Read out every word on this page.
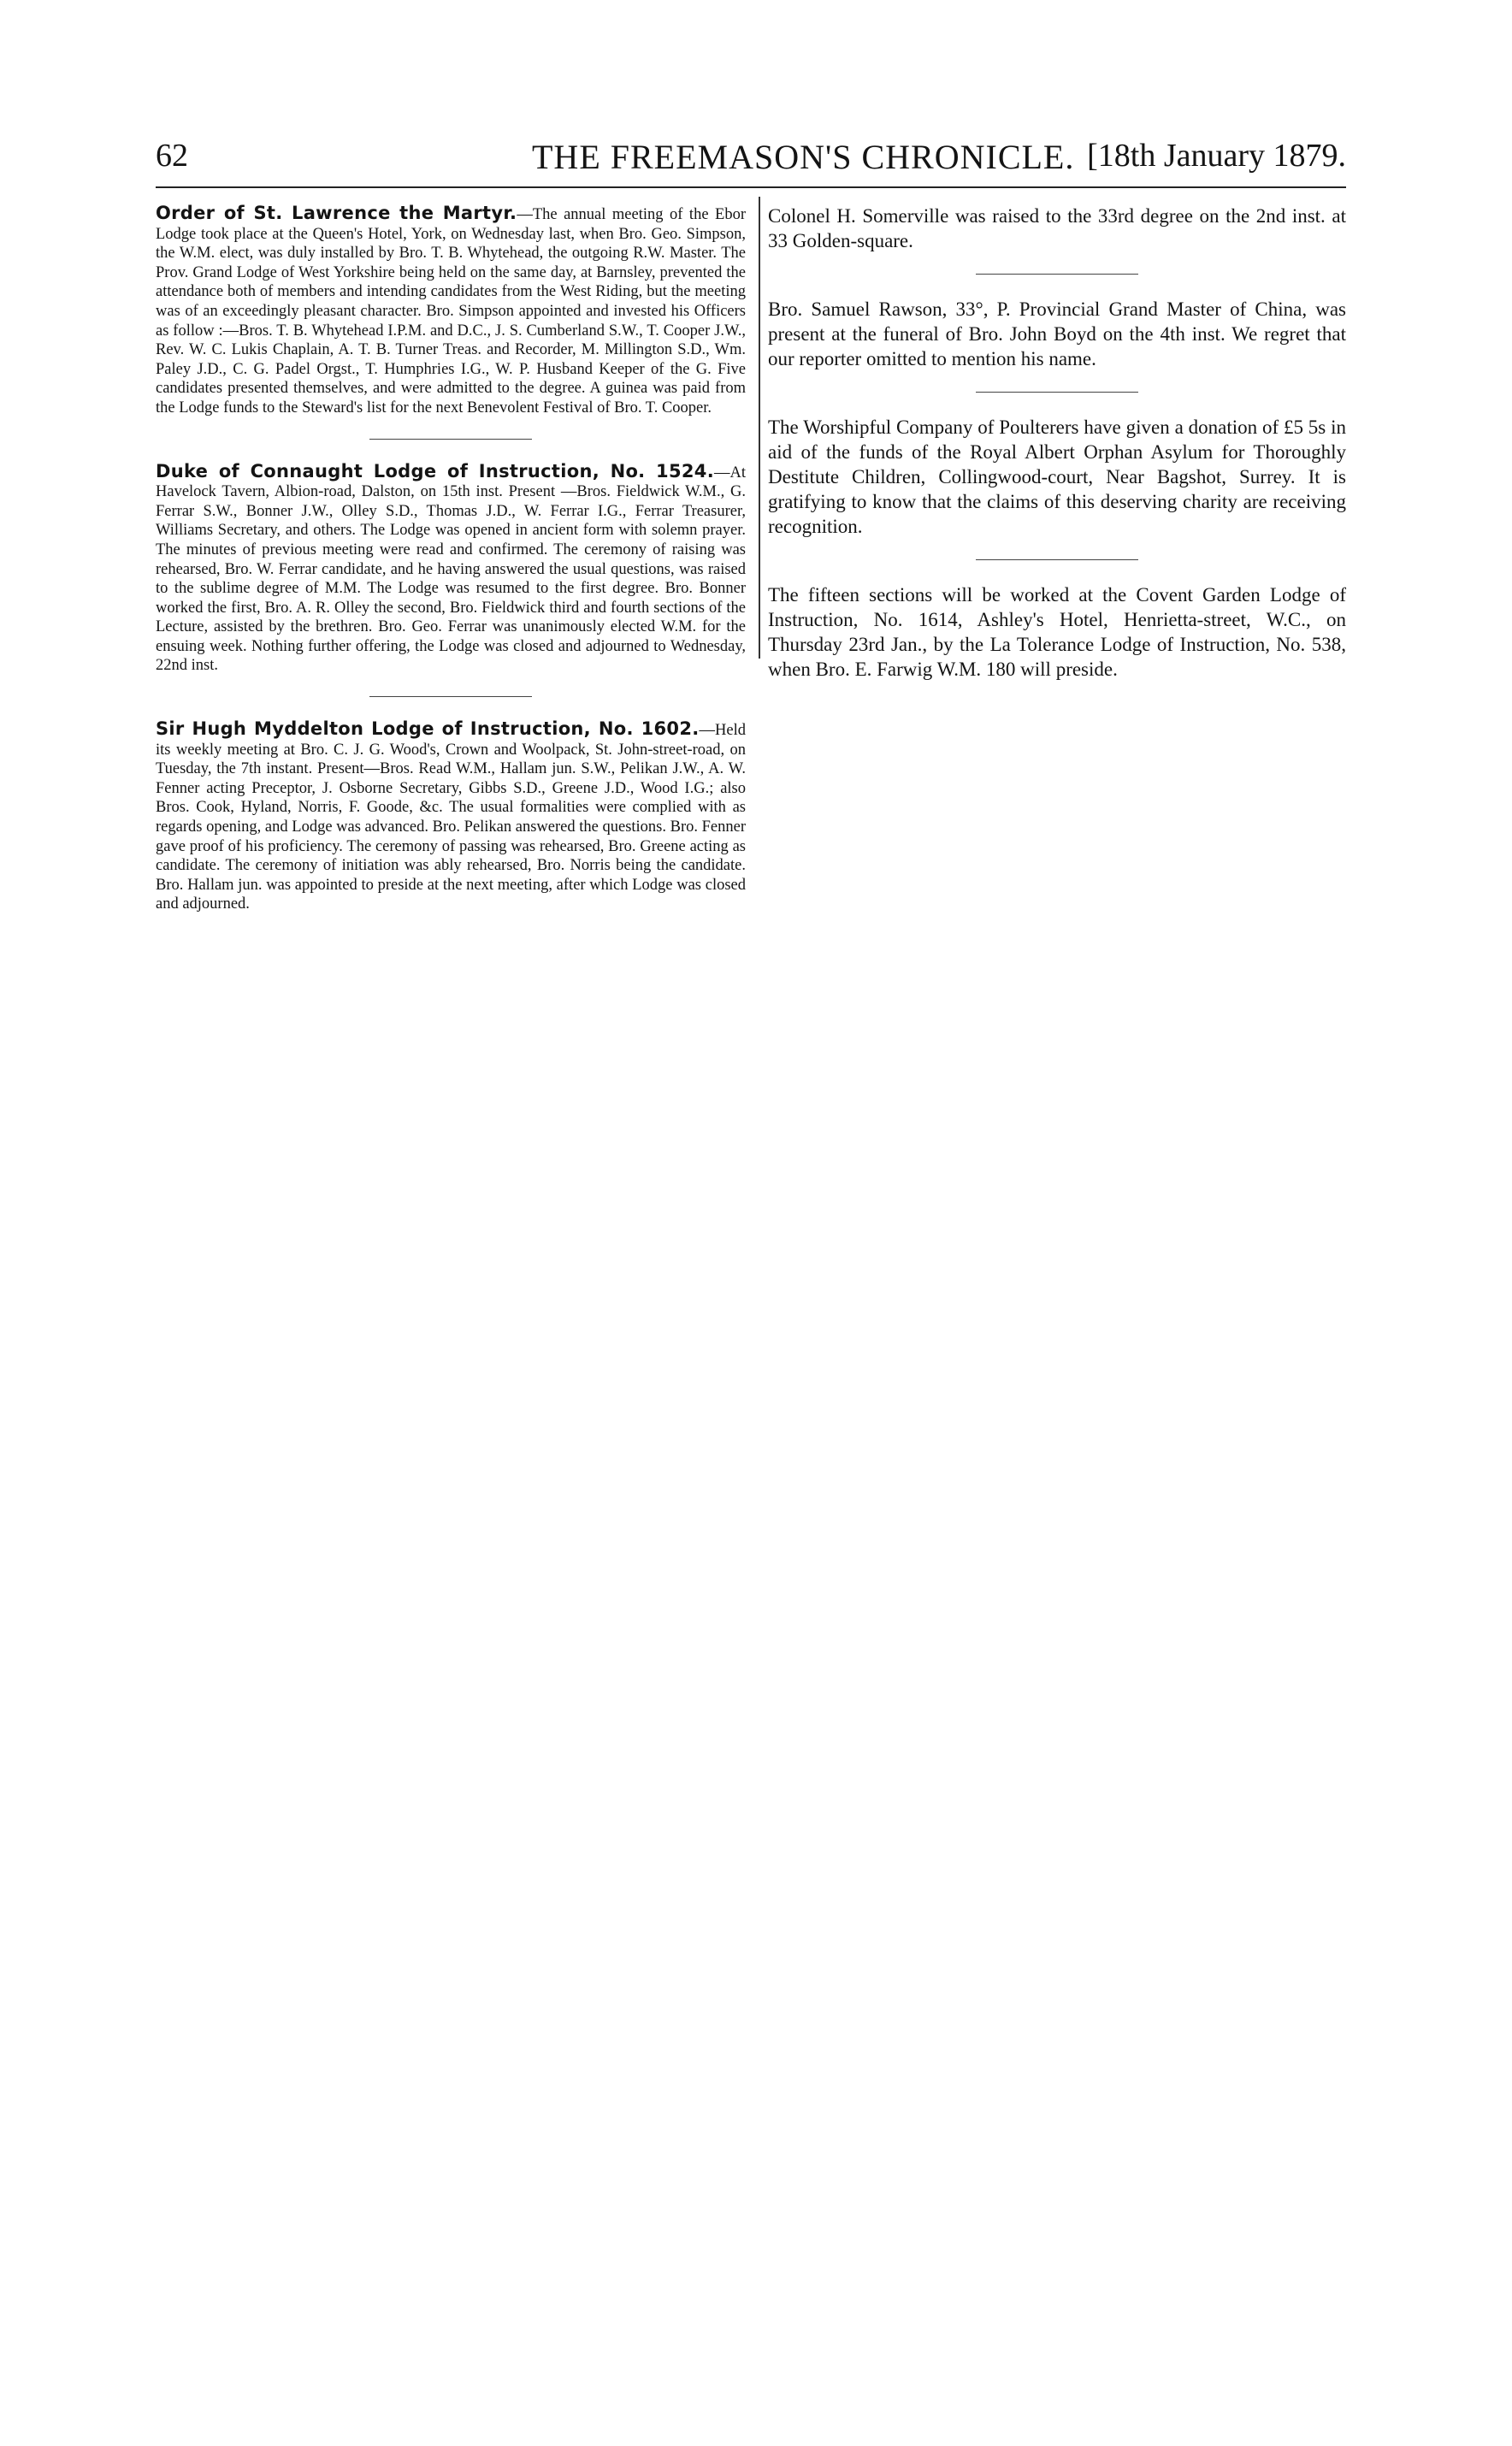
62	THE FREEMASON'S CHRONICLE. [18th January 1879.

Order of St. Lawrence the Martyr.—The annual meeting of the Ebor Lodge took place at the Queen's Hotel, York, on Wednesday last, when Bro. Geo. Simpson, the W.M. elect, was duly installed by Bro. T. B. Whytehead, the outgoing R.W. Master. The Prov. Grand Lodge of West Yorkshire being held on the same day, at Barnsley, prevented the attendance both of members and intending candidates from the West Riding, but the meeting was of an exceedingly pleasant character. Bro. Simpson appointed and invested his Officers as follow :—Bros. T. B. Whytehead I.P.M. and D.C., J. S. Cumberland S.W., T. Cooper J.W., Rev. W. C. Lukis Chaplain, A. T. B. Turner Treas. and Recorder, M. Millington S.D., Wm. Paley J.D., C. G. Padel Orgst., T. Humphries I.G., W. P. Husband Keeper of the G. Five candidates presented themselves, and were admitted to the degree. A guinea was paid from the Lodge funds to the Steward's list for the next Benevolent Festival of Bro. T. Cooper.

Duke of Connaught Lodge of Instruction, No. 1524.—At Havelock Tavern, Albion-road, Dalston, on 15th inst. Present —Bros. Fieldwick W.M., G. Ferrar S.W., Bonner J.W., Olley S.D., Thomas J.D., W. Ferrar I.G., Ferrar Treasurer, Williams Secretary, and others. The Lodge was opened in ancient form with solemn prayer. The minutes of previous meeting were read and confirmed. The ceremony of raising was rehearsed, Bro. W. Ferrar candidate, and he having answered the usual questions, was raised to the sublime degree of M.M. The Lodge was resumed to the first degree. Bro. Bonner worked the first, Bro. A. R. Olley the second, Bro. Fieldwick third and fourth sections of the Lecture, assisted by the brethren. Bro. Geo. Ferrar was unanimously elected W.M. for the ensuing week. Nothing further offering, the Lodge was closed and adjourned to Wednesday, 22nd inst.

Sir Hugh Myddelton Lodge of Instruction, No. 1602.—Held its weekly meeting at Bro. C. J. G. Wood's, Crown and Woolpack, St. John-street-road, on Tuesday, the 7th instant. Present—Bros. Read W.M., Hallam jun. S.W., Pelikan J.W., A. W. Fenner acting Preceptor, J. Osborne Secretary, Gibbs S.D., Greene J.D., Wood I.G.; also Bros. Cook, Hyland, Norris, F. Goode, &c. The usual formalities were complied with as regards opening, and Lodge was advanced. Bro. Pelikan answered the questions. Bro. Fenner gave proof of his proficiency. The ceremony of passing was rehearsed, Bro. Greene acting as candidate. The ceremony of initiation was ably rehearsed, Bro. Norris being the candidate. Bro. Hallam jun. was appointed to preside at the next meeting, after which Lodge was closed and adjourned.

Colonel H. Somerville was raised to the 33rd degree on the 2nd inst. at 33 Golden-square.

Bro. Samuel Rawson, 33°, P. Provincial Grand Master of China, was present at the funeral of Bro. John Boyd on the 4th inst. We regret that our reporter omitted to mention his name.

The Worshipful Company of Poulterers have given a donation of £5 5s in aid of the funds of the Royal Albert Orphan Asylum for Thoroughly Destitute Children, Collingwood-court, Near Bagshot, Surrey. It is gratifying to know that the claims of this deserving charity are receiving recognition.

The fifteen sections will be worked at the Covent Garden Lodge of Instruction, No. 1614, Ashley's Hotel, Henrietta-street, W.C., on Thursday 23rd Jan., by the La Tolerance Lodge of Instruction, No. 538, when Bro. E. Farwig W.M. 180 will preside.
